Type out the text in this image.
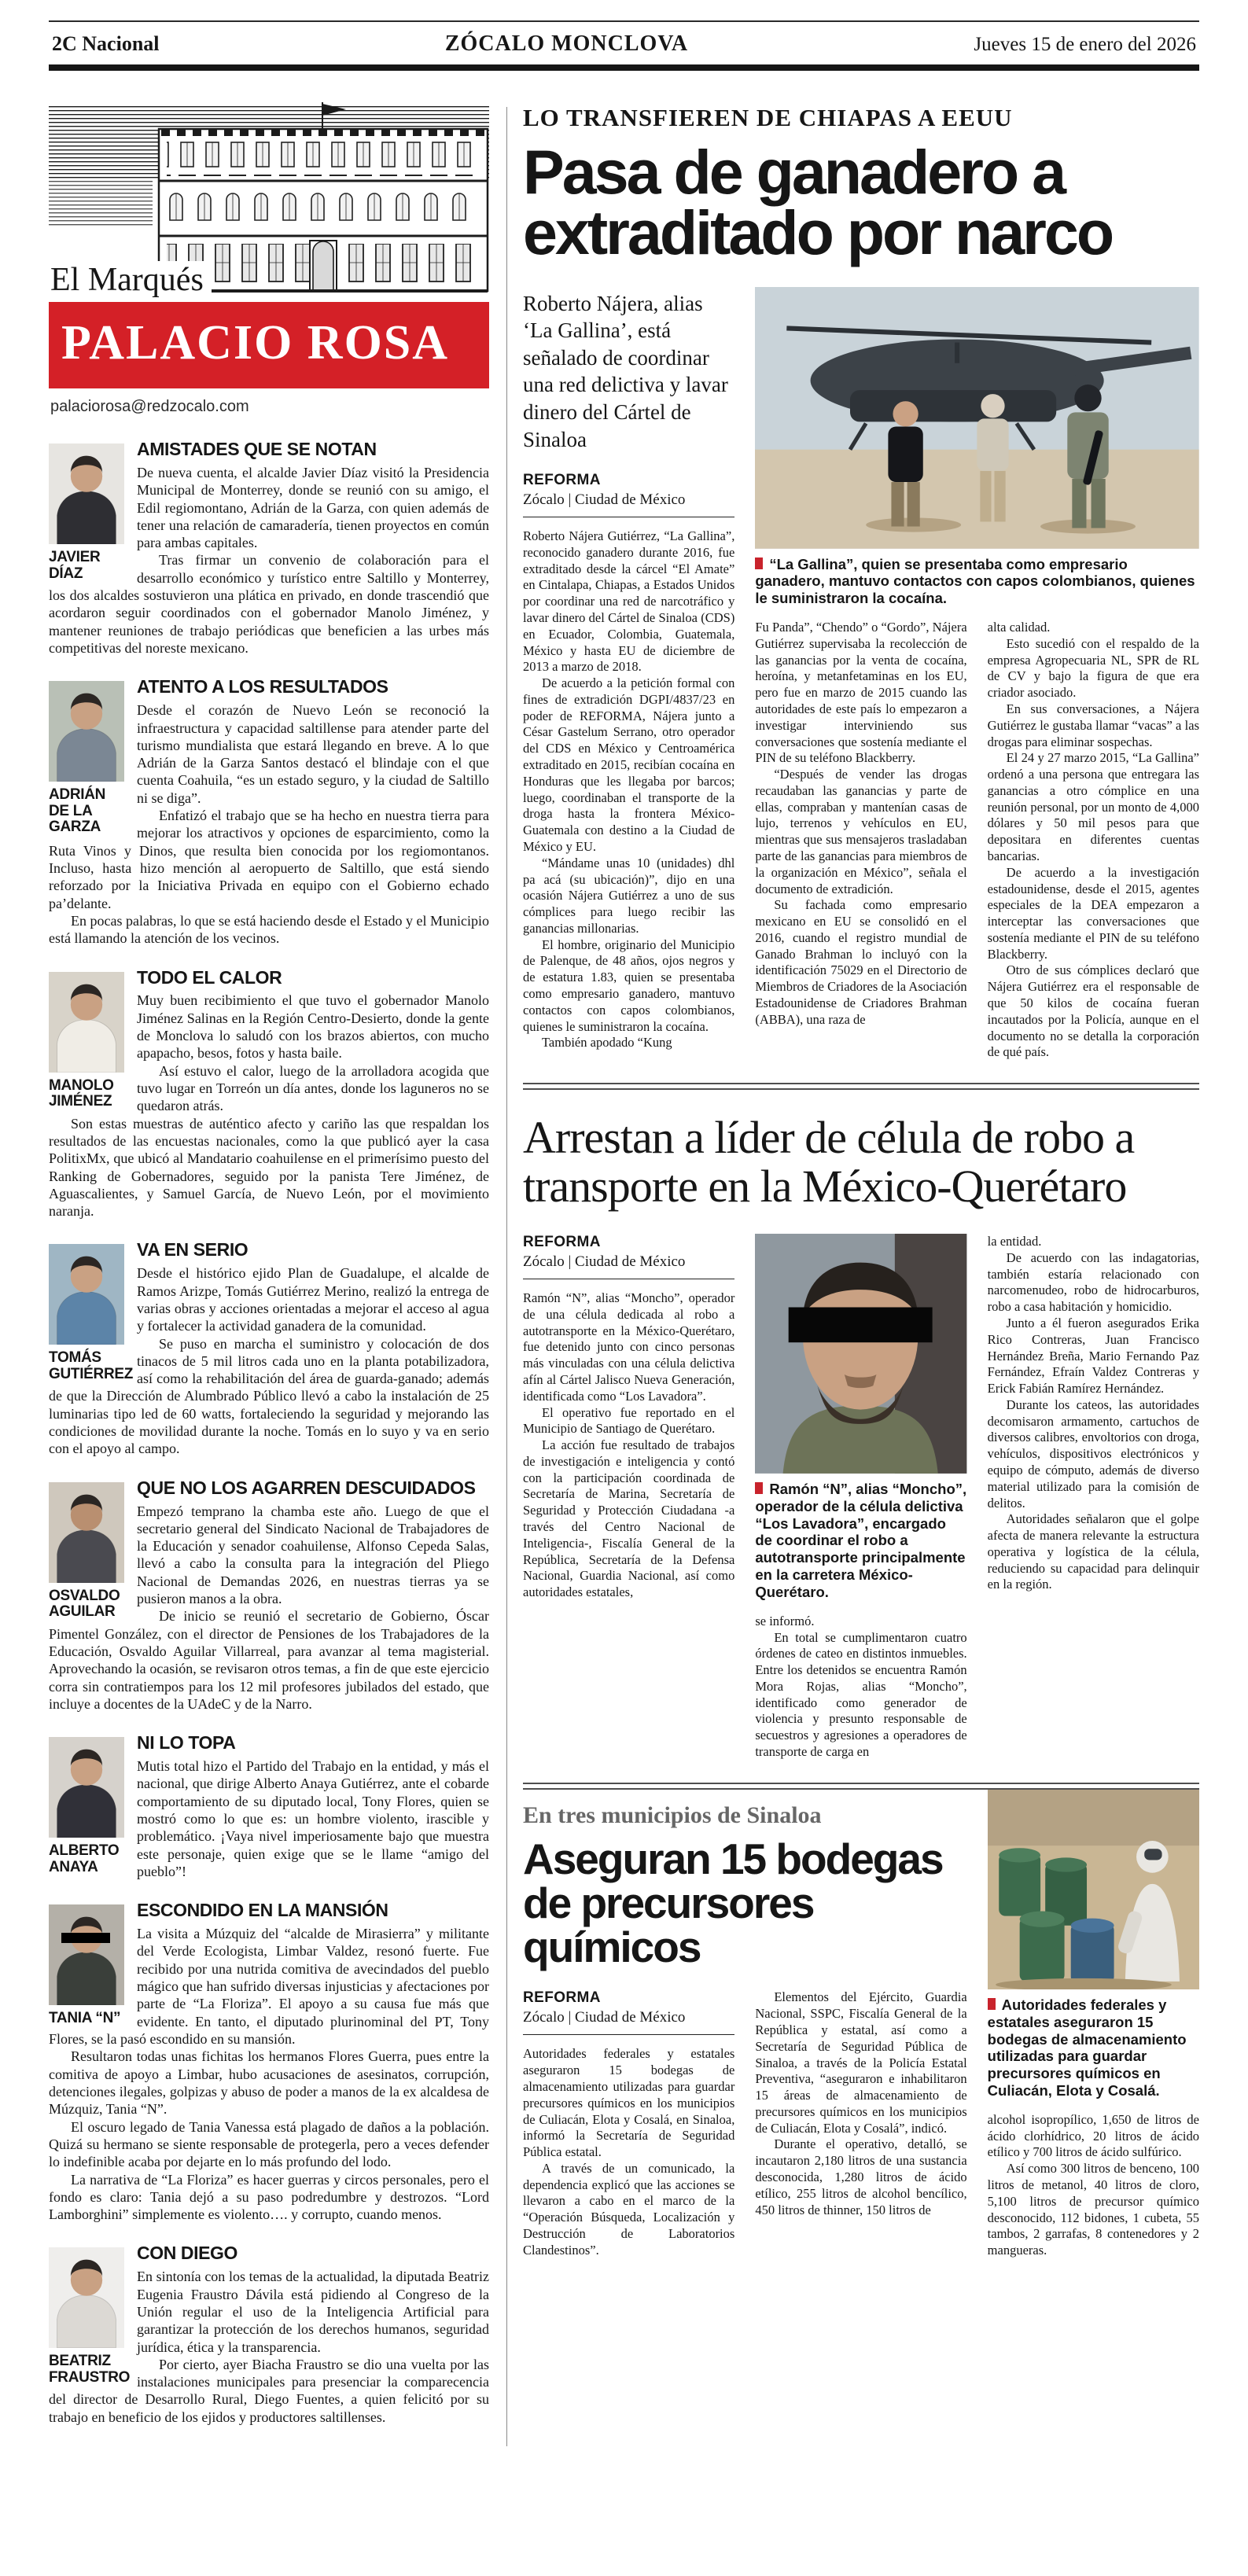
2C Nacional	ZÓCALO MONCLOVA	Jueves 15 de enero del 2026
El Marqués
PALACIO ROSA
palaciorosa@redzocalo.com
JAVIER DÍAZ
AMISTADES QUE SE NOTAN

De nueva cuenta, el alcalde Javier Díaz visitó la Presidencia Municipal de Monterrey, donde se reunió con su amigo, el Edil regiomontano, Adrián de la Garza, con quien además de tener una relación de camaradería, tienen proyectos en común para ambas capitales.

Tras firmar un convenio de colaboración para el desarrollo económico y turístico entre Saltillo y Monterrey, los dos alcaldes sostuvieron una plática en privado, en donde trascendió que acordaron seguir coordinados con el gobernador Manolo Jiménez, y mantener reuniones de trabajo periódicas que beneficien a las urbes más competitivas del noreste mexicano.

ADRIÁN DE LA GARZA
ATENTO A LOS RESULTADOS

Desde el corazón de Nuevo León se reconoció la infraestructura y capacidad saltillense para atender parte del turismo mundialista que estará llegando en breve. A lo que Adrián de la Garza Santos destacó el blindaje con el que cuenta Coahuila, “es un estado seguro, y la ciudad de Saltillo ni se diga”.

Enfatizó el trabajo que se ha hecho en nuestra tierra para mejorar los atractivos y opciones de esparcimiento, como la Ruta Vinos y Dinos, que resulta bien conocida por los regiomontanos. Incluso, hasta hizo mención al aeropuerto de Saltillo, que está siendo reforzado por la Iniciativa Privada en equipo con el Gobierno echado pa’delante.

En pocas palabras, lo que se está haciendo desde el Estado y el Municipio está llamando la atención de los vecinos.

MANOLO JIMÉNEZ
TODO EL CALOR

Muy buen recibimiento el que tuvo el gobernador Manolo Jiménez Salinas en la Región Centro-Desierto, donde la gente de Monclova lo saludó con los brazos abiertos, con mucho apapacho, besos, fotos y hasta baile.

Así estuvo el calor, luego de la arrolladora acogida que tuvo lugar en Torreón un día antes, donde los laguneros no se quedaron atrás.

Son estas muestras de auténtico afecto y cariño las que respaldan los resultados de las encuestas nacionales, como la que publicó ayer la casa PolitixMx, que ubicó al Mandatario coahuilense en el primerísimo puesto del Ranking de Gobernadores, seguido por la panista Tere Jiménez, de Aguascalientes, y Samuel García, de Nuevo León, por el movimiento naranja.

TOMÁS GUTIÉRREZ
VA EN SERIO

Desde el histórico ejido Plan de Guadalupe, el alcalde de Ramos Arizpe, Tomás Gutiérrez Merino, realizó la entrega de varias obras y acciones orientadas a mejorar el acceso al agua y fortalecer la actividad ganadera de la comunidad.

Se puso en marcha el suministro y colocación de dos tinacos de 5 mil litros cada uno en la planta potabilizadora, así como la rehabilitación del área de guarda-ganado; además de que la Dirección de Alumbrado Público llevó a cabo la instalación de 25 luminarias tipo led de 60 watts, fortaleciendo la seguridad y mejorando las condiciones de movilidad durante la noche. Tomás en lo suyo y va en serio con el apoyo al campo.

OSVALDO AGUILAR
QUE NO LOS AGARREN DESCUIDADOS

Empezó temprano la chamba este año. Luego de que el secretario general del Sindicato Nacional de Trabajadores de la Educación y senador coahuilense, Alfonso Cepeda Salas, llevó a cabo la consulta para la integración del Pliego Nacional de Demandas 2026, en nuestras tierras ya se pusieron manos a la obra.

De inicio se reunió el secretario de Gobierno, Óscar Pimentel González, con el director de Pensiones de los Trabajadores de la Educación, Osvaldo Aguilar Villarreal, para avanzar al tema magisterial. Aprovechando la ocasión, se revisaron otros temas, a fin de que este ejercicio corra sin contratiempos para los 12 mil profesores jubilados del estado, que incluye a docentes de la UAdeC y de la Narro.

ALBERTO ANAYA
NI LO TOPA

Mutis total hizo el Partido del Trabajo en la entidad, y más el nacional, que dirige Alberto Anaya Gutiérrez, ante el cobarde comportamiento de su diputado local, Tony Flores, quien se mostró como lo que es: un hombre violento, irascible y problemático. ¡Vaya nivel imperiosamente bajo que muestra este personaje, quien exige que se le llame “amigo del pueblo”!

TANIA “N”
ESCONDIDO EN LA MANSIÓN

La visita a Múzquiz del “alcalde de Mirasierra” y militante del Verde Ecologista, Limbar Valdez, resonó fuerte. Fue recibido por una nutrida comitiva de avecindados del pueblo mágico que han sufrido diversas injusticias y afectaciones por parte de “La Floriza”. El apoyo a su causa fue más que evidente. En tanto, el diputado plurinominal del PT, Tony Flores, se la pasó escondido en su mansión.

Resultaron todas unas fichitas los hermanos Flores Guerra, pues entre la comitiva de apoyo a Limbar, hubo acusaciones de asesinatos, corrupción, detenciones ilegales, golpizas y abuso de poder a manos de la ex alcaldesa de Múzquiz, Tania “N”.

El oscuro legado de Tania Vanessa está plagado de daños a la población. Quizá su hermano se siente responsable de protegerla, pero a veces defender lo indefinible acaba por dejarte en lo más profundo del lodo.

La narrativa de “La Floriza” es hacer guerras y circos personales, pero el fondo es claro: Tania dejó a su paso podredumbre y destrozos. “Lord Lamborghini” simplemente es violento…. y corrupto, cuando menos.

BEATRIZ FRAUSTRO
CON DIEGO

En sintonía con los temas de la actualidad, la diputada Beatriz Eugenia Fraustro Dávila está pidiendo al Congreso de la Unión regular el uso de la Inteligencia Artificial para garantizar la protección de los derechos humanos, seguridad jurídica, ética y la transparencia.

Por cierto, ayer Biacha Fraustro se dio una vuelta por las instalaciones municipales para presenciar la comparecencia del director de Desarrollo Rural, Diego Fuentes, a quien felicitó por su trabajo en beneficio de los ejidos y productores saltillenses.

LO TRANSFIEREN DE CHIAPAS A EEUU
Pasa de ganadero a extraditado por narco
Roberto Nájera, alias ‘La Gallina’, está señalado de coordinar una red delictiva y lavar dinero del Cártel de Sinaloa
REFORMA
Zócalo | Ciudad de México

Roberto Nájera Gutiérrez, “La Gallina”, reconocido ganadero durante 2016, fue extraditado desde la cárcel “El Amate” en Cintalapa, Chiapas, a Estados Unidos por coordinar una red de narcotráfico y lavar dinero del Cártel de Sinaloa (CDS) en Ecuador, Colombia, Guatemala, México y hasta EU de diciembre de 2013 a marzo de 2018.

De acuerdo a la petición formal con fines de extradición DGPI/4837/23 en poder de REFORMA, Nájera junto a César Gastelum Serrano, otro operador del CDS en México y Centroamérica extraditado en 2015, recibían cocaína en Honduras que les llegaba por barcos; luego, coordinaban el transporte de la droga hasta la frontera México-Guatemala con destino a la Ciudad de México y EU.

“Mándame unas 10 (unidades) dhl pa acá (su ubicación)”, dijo en una ocasión Nájera Gutiérrez a uno de sus cómplices para luego recibir las ganancias millonarias.

El hombre, originario del Municipio de Palenque, de 48 años, ojos negros y de estatura 1.83, quien se presentaba como empresario ganadero, mantuvo contactos con capos colombianos, quienes le suministraron la cocaína.

También apodado “Kung

“La Gallina”, quien se presentaba como empresario ganadero, mantuvo contactos con capos colombianos, quienes le suministraron la cocaína.

Fu Panda”, “Chendo” o “Gordo”, Nájera Gutiérrez supervisaba la recolección de las ganancias por la venta de cocaína, heroína, y metanfetaminas en los EU, pero fue en marzo de 2015 cuando las autoridades de este país lo empezaron a investigar interviniendo sus conversaciones que sostenía mediante el PIN de su teléfono Blackberry.

“Después de vender las drogas recaudaban las ganancias y parte de ellas, compraban y mantenían casas de lujo, terrenos y vehículos en EU, mientras que sus mensajeros trasladaban parte de las ganancias para miembros de la organización en México”, señala el documento de extradición.

Su fachada como empresario mexicano en EU se consolidó en el 2016, cuando el registro mundial de Ganado Brahman lo incluyó con la identificación 75029 en el Directorio de Miembros de Criadores de la Asociación Estadounidense de Criadores Brahman (ABBA), una raza de

alta calidad.

Esto sucedió con el respaldo de la empresa Agropecuaria NL, SPR de RL de CV y bajo la figura de que era criador asociado.

En sus conversaciones, a Nájera Gutiérrez le gustaba llamar “vacas” a las drogas para eliminar sospechas.

El 24 y 27 marzo 2015, “La Gallina” ordenó a una persona que entregara las ganancias a otro cómplice en una reunión personal, por un monto de 4,000 dólares y 50 mil pesos para que depositara en diferentes cuentas bancarias.

De acuerdo a la investigación estadounidense, desde el 2015, agentes especiales de la DEA empezaron a interceptar las conversaciones que sostenía mediante el PIN de su teléfono Blackberry.

Otro de sus cómplices declaró que Nájera Gutiérrez era el responsable de que 50 kilos de cocaína fueran incautados por la Policía, aunque en el documento no se detalla la corporación de qué país.

Arrestan a líder de célula de robo a transporte en la México-Querétaro
REFORMA
Zócalo | Ciudad de México

Ramón “N”, alias “Moncho”, operador de una célula dedicada al robo a autotransporte en la México-Querétaro, fue detenido junto con cinco personas más vinculadas con una célula delictiva afín al Cártel Jalisco Nueva Generación, identificada como “Los Lavadora”.

El operativo fue reportado en el Municipio de Santiago de Querétaro.

La acción fue resultado de trabajos de investigación e inteligencia y contó con la participación coordinada de Secretaría de Marina, Secretaría de Seguridad y Protección Ciudadana -a través del Centro Nacional de Inteligencia-, Fiscalía General de la República, Secretaría de la Defensa Nacional, Guardia Nacional, así como autoridades estatales,

Ramón “N”, alias “Moncho”, operador de la célula delictiva “Los Lavadora”, encargado de coordinar el robo a autotransporte principalmente en la carretera México-Querétaro.

se informó.

En total se cumplimentaron cuatro órdenes de cateo en distintos inmuebles. Entre los detenidos se encuentra Ramón Mora Rojas, alias “Moncho”, identificado como generador de violencia y presunto responsable de secuestros y agresiones a operadores de transporte de carga en

la entidad.

De acuerdo con las indagatorias, también estaría relacionado con narcomenudeo, robo de hidrocarburos, robo a casa habitación y homicidio.

Junto a él fueron asegurados Erika Rico Contreras, Juan Francisco Hernández Breña, Mario Fernando Paz Fernández, Efraín Valdez Contreras y Erick Fabián Ramírez Hernández.

Durante los cateos, las autoridades decomisaron armamento, cartuchos de diversos calibres, envoltorios con droga, vehículos, dispositivos electrónicos y equipo de cómputo, además de diverso material utilizado para la comisión de delitos.

Autoridades señalaron que el golpe afecta de manera relevante la estructura operativa y logística de la célula, reduciendo su capacidad para delinquir en la región.

En tres municipios de Sinaloa
Aseguran 15 bodegas de precursores químicos
Autoridades federales y estatales aseguraron 15 bodegas de almacenamiento utilizadas para guardar precursores químicos en Culiacán, Elota y Cosalá.

alcohol isopropílico, 1,650 de litros de ácido clorhídrico, 20 litros de ácido etílico y 700 litros de ácido sulfúrico.

Así como 300 litros de benceno, 100 litros de metanol, 40 litros de cloro, 5,100 litros de precursor químico desconocido, 112 bidones, 1 cubeta, 55 tambos, 2 garrafas, 8 contenedores y 2 mangueras.

REFORMA
Zócalo | Ciudad de México

Autoridades federales y estatales aseguraron 15 bodegas de almacenamiento utilizadas para guardar precursores químicos en los municipios de Culiacán, Elota y Cosalá, en Sinaloa, informó la Secretaría de Seguridad Pública estatal.

A través de un comunicado, la dependencia explicó que las acciones se llevaron a cabo en el marco de la “Operación Búsqueda, Localización y Destrucción de Laboratorios Clandestinos”.

Elementos del Ejército, Guardia Nacional, SSPC, Fiscalía General de la República y estatal, así como a Secretaría de Seguridad Pública de Sinaloa, a través de la Policía Estatal Preventiva, “aseguraron e inhabilitaron 15 áreas de almacenamiento de precursores químicos en los municipios de Culiacán, Elota y Cosalá”, indicó.

Durante el operativo, detalló, se incautaron 2,180 litros de una sustancia desconocida, 1,280 litros de ácido etílico, 255 litros de alcohol bencílico, 450 litros de thinner, 150 litros de
